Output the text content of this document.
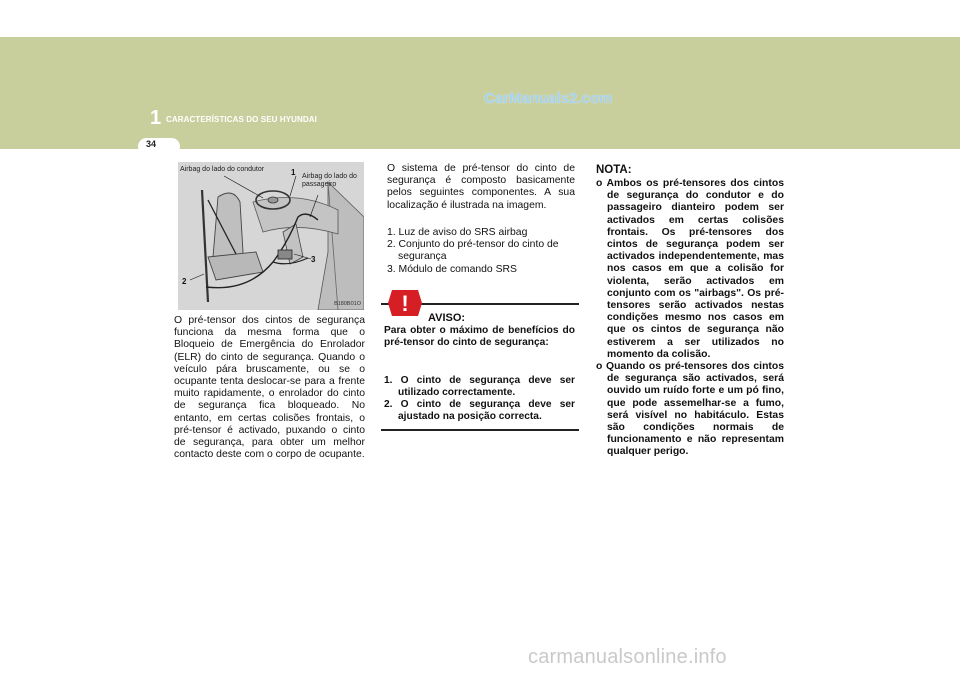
1 CARACTERÍSTICAS DO SEU HYUNDAI
CarManuals2.com
34
Airbag do lado do condutor
Airbag do lado do passageiro
1
2
3
B180B01O
O pré-tensor dos cintos de segurança funciona da mesma forma que o Bloqueio de Emergência do Enrolador (ELR) do cinto de segurança. Quando o veículo pára bruscamente, ou se o ocupante tenta deslocar-se para a frente muito rapidamente, o enrolador do cinto de segurança fica bloqueado. No entanto, em certas colisões frontais, o pré-tensor é activado, puxando o cinto de segurança, para obter um melhor contacto deste com o corpo de ocupante.
O sistema de pré-tensor do cinto de segurança é composto basicamente pelos seguintes componentes. A sua localização é ilustrada na imagem.
1. Luz de aviso do SRS airbag
2. Conjunto do pré-tensor do cinto de segurança
3. Módulo de comando SRS
!
AVISO:
Para obter o máximo de benefícios do pré-tensor do cinto de segurança:
1. O cinto de segurança deve ser utilizado correctamente.
2. O cinto de segurança deve ser ajustado na posição correcta.
NOTA:
o Ambos os pré-tensores dos cintos de segurança do condutor e do passageiro dianteiro podem ser activados em certas colisões frontais. Os pré-tensores dos cintos de segurança podem ser activados independentemente, mas nos casos em que a colisão for violenta, serão activados em conjunto com os "airbags". Os pré-tensores serão activados nestas condições mesmo nos casos em que os cintos de segurança não estiverem a ser utilizados no momento da colisão.
o Quando os pré-tensores dos cintos de segurança são activados, será ouvido um ruído forte e um pó fino, que pode assemelhar-se a fumo, será visível no habitáculo. Estas são condições normais de funcionamento e não representam qualquer perigo.
carmanualsonline.info
